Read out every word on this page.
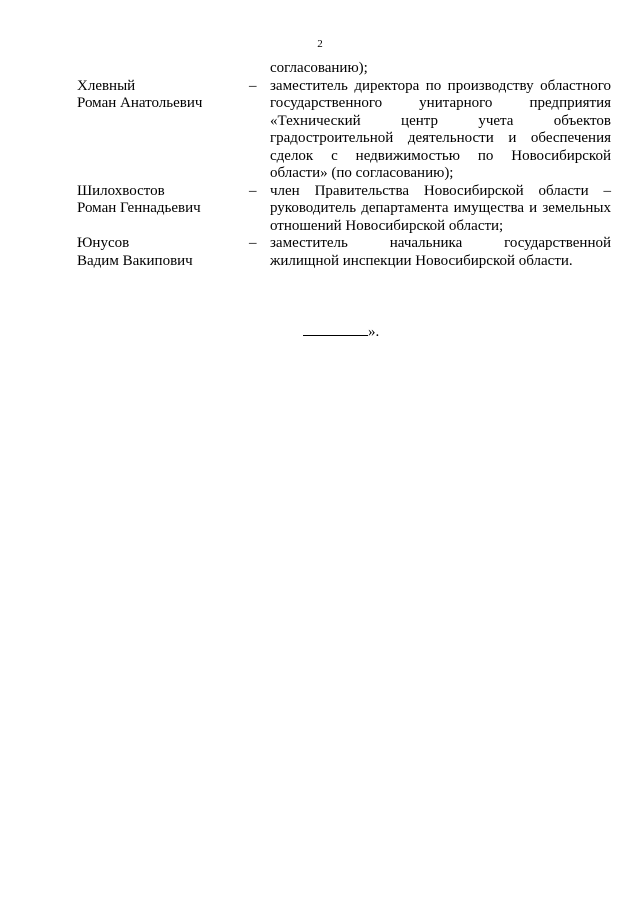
2
согласованию);
Хлевный
Роман Анатольевич
– заместитель директора по производству областного
государственного унитарного предприятия
«Технический центр учета объектов
градостроительной деятельности и обеспечения
сделок с недвижимостью по Новосибирской
области» (по согласованию);
Шилохвостов
Роман Геннадьевич
– член Правительства Новосибирской области –
руководитель департамента имущества и земельных
отношений Новосибирской области;
Юнусов
Вадим Вакипович
– заместитель начальника государственной
жилищной инспекции Новосибирской области.
».
